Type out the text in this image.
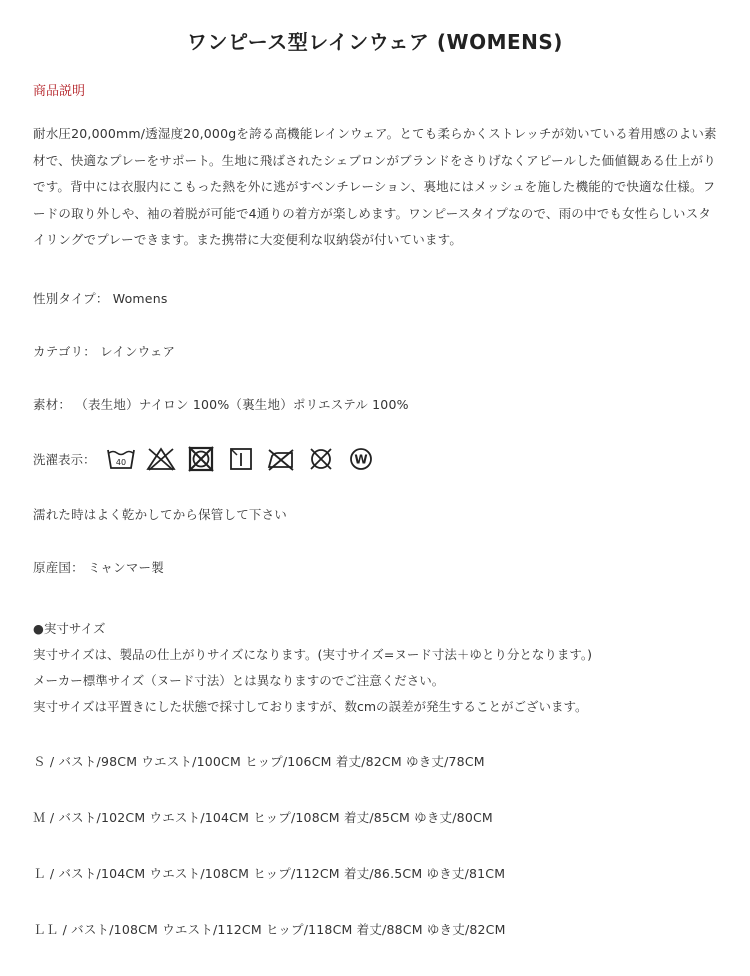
ワンピース型レインウェア (WOMENS)
商品説明

耐水圧20,000mm/透湿度20,000gを誇る高機能レインウェア。とても柔らかくストレッチが効いている着用感のよい素材で、快適なプレーをサポート。生地に飛ばされたシェブロンがブランドをさりげなくアピールした価値観ある仕上がりです。背中には衣服内にこもった熱を外に逃がすベンチレーション、裏地にはメッシュを施した機能的で快適な仕様。フードの取り外しや、袖の着脱が可能で4通りの着方が楽しめます。ワンピースタイプなので、雨の中でも女性らしいスタイリングでプレーできます。また携帯に大変便利な収納袋が付いています。

性別タイプ： Womens
カテゴリ： レインウェア
素材： （表生地）ナイロン 100%（裏生地）ポリエステル 100%
洗濯表示： 40	W
濡れた時はよく乾かしてから保管して下さい
原産国： ミャンマー製
●実寸サイズ
実寸サイズは、製品の仕上がりサイズになります。(実寸サイズ=ヌード寸法＋ゆとり分となります。)
メーカー標準サイズ（ヌード寸法）とは異なりますのでご注意ください。
実寸サイズは平置きにした状態で採寸しておりますが、数cmの誤差が発生することがございます。
Ｓ / バスト/98CM ウエスト/100CM ヒップ/106CM 着丈/82CM ゆき丈/78CM
Ｍ / バスト/102CM ウエスト/104CM ヒップ/108CM 着丈/85CM ゆき丈/80CM
Ｌ / バスト/104CM ウエスト/108CM ヒップ/112CM 着丈/86.5CM ゆき丈/81CM
ＬＬ / バスト/108CM ウエスト/112CM ヒップ/118CM 着丈/88CM ゆき丈/82CM
